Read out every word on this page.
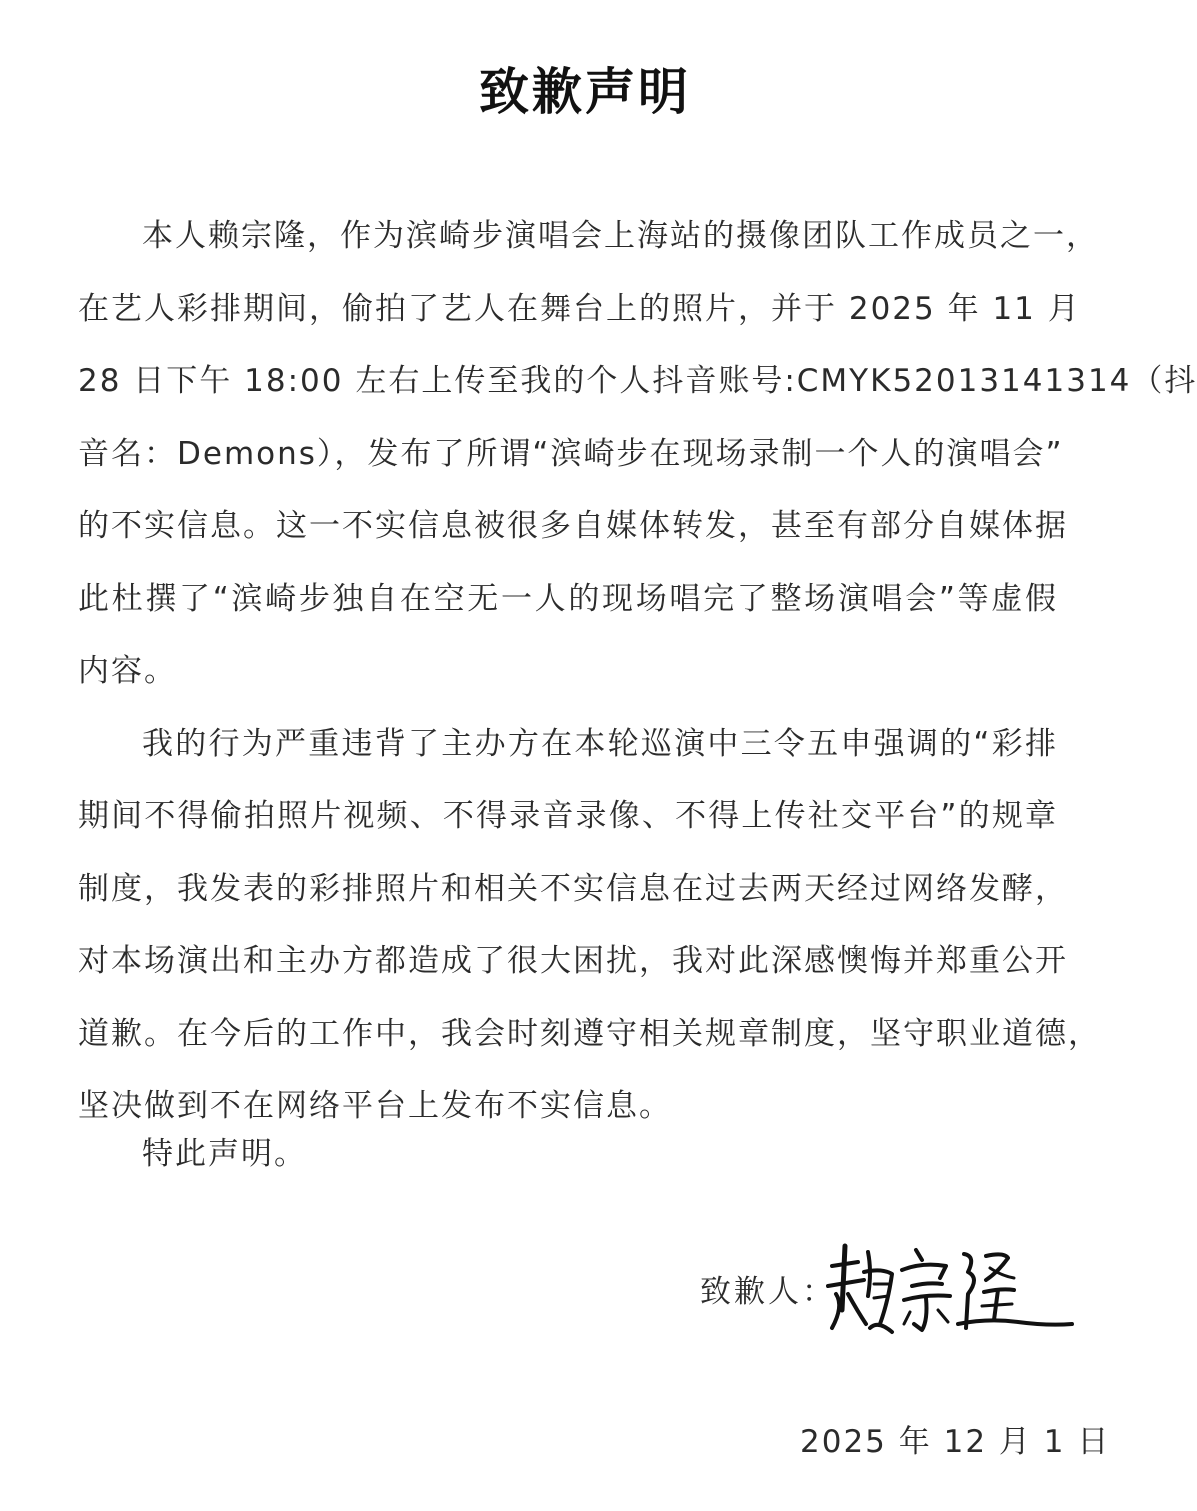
致歉声明
本人赖宗隆，作为滨崎步演唱会上海站的摄像团队工作成员之一，
在艺人彩排期间，偷拍了艺人在舞台上的照片，并于 2025 年 11 月
28 日下午 18:00 左右上传至我的个人抖音账号:CMYK52013141314（抖
音名：Demons），发布了所谓“滨崎步在现场录制一个人的演唱会”
的不实信息。这一不实信息被很多自媒体转发，甚至有部分自媒体据
此杜撰了“滨崎步独自在空无一人的现场唱完了整场演唱会”等虚假
内容。
我的行为严重违背了主办方在本轮巡演中三令五申强调的“彩排
期间不得偷拍照片视频、不得录音录像、不得上传社交平台”的规章
制度，我发表的彩排照片和相关不实信息在过去两天经过网络发酵，
对本场演出和主办方都造成了很大困扰，我对此深感懊悔并郑重公开
道歉。在今后的工作中，我会时刻遵守相关规章制度，坚守职业道德，
坚决做到不在网络平台上发布不实信息。
特此声明。
致歉人：
2025 年 12 月 1 日
